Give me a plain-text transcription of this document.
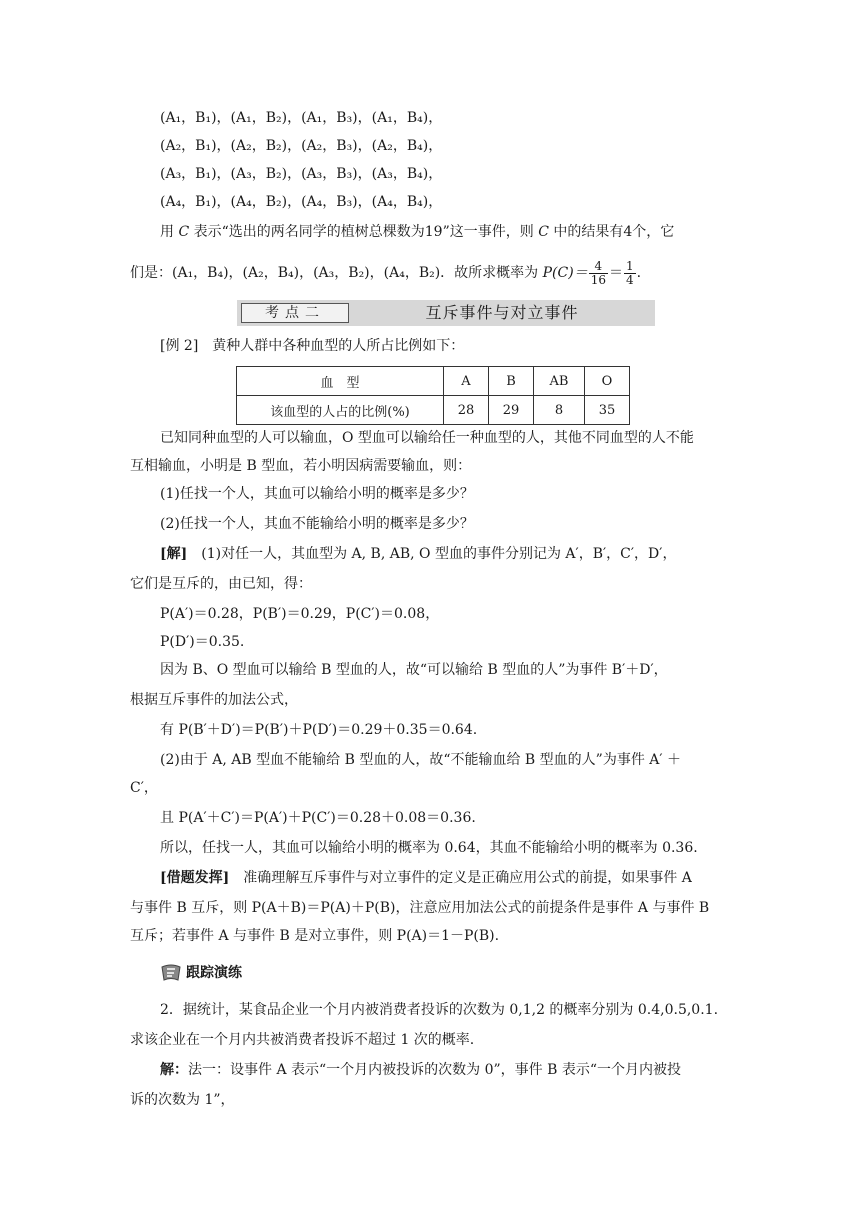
(A₁，B₁)，(A₁，B₂)，(A₁，B₃)，(A₁，B₄)，
(A₂，B₁)，(A₂，B₂)，(A₂，B₃)，(A₂，B₄)，
(A₃，B₁)，(A₃，B₂)，(A₃，B₃)，(A₃，B₄)，
(A₄，B₁)，(A₄，B₂)，(A₄，B₃)，(A₄，B₄)，
用 C 表示“选出的两名同学的植树总棵数为19”这一事件，则 C 中的结果有4个，它
们是：(A₁，B₄)，(A₂，B₄)，(A₃，B₂)，(A₄，B₂)．故所求概率为 $P(C)= \frac{4}{16} = \frac{1}{4}$ .
考点二	互斥事件与对立事件
[例 2]　 黄种人群中各种血型的人所占比例如下：
血　型	A	B	AB	O
该血型的人占的比例(%)	28	29	8	35
已知同种血型的人可以输血，O 型血可以输给任一种血型的人，其他不同血型的人不能
互相输血，小明是 B 型血，若小明因病需要输血，则：
(1)任找一个人，其血可以输给小明的概率是多少？
(2)任找一个人，其血不能输给小明的概率是多少？
[解]　 (1)对任一人，其血型为 A, B, AB, O 型血的事件分别记为 A′，B′，C′，D′，
它们是互斥的，由已知，得：
P(A′)＝0.28，P(B′)＝0.29，P(C′)＝0.08，
P(D′)＝0.35.
因为 B、O 型血可以输给 B 型血的人，故“可以输给 B 型血的人”为事件 B′＋D′，
根据互斥事件的加法公式，
有 P(B′＋D′)＝P(B′)＋P(D′)＝0.29＋0.35＝0.64.
(2)由于 A, AB 型血不能输给 B 型血的人，故“不能输血给 B 型血的人”为事件 A′ ＋
C′，
且 P(A′＋C′)＝P(A′)＋P(C′)＝0.28＋0.08＝0.36.
所以，任找一人，其血可以输给小明的概率为 0.64，其血不能输给小明的概率为 0.36.
[借题发挥]　 准确理解互斥事件与对立事件的定义是正确应用公式的前提，如果事件 A
与事件 B 互斥，则 P(A＋B)＝P(A)＋P(B)，注意应用加法公式的前提条件是事件 A 与事件 B
互斥；若事件 A 与事件 B 是对立事件，则 P(A)＝1－P(B).
跟踪演练
2．据统计，某食品企业一个月内被消费者投诉的次数为 0,1,2 的概率分别为 0.4,0.5,0.1.
求该企业在一个月内共被消费者投诉不超过 1 次的概率.
解：法一：设事件 A 表示“一个月内被投诉的次数为 0”，事件 B 表示“一个月内被投
诉的次数为 1”，
